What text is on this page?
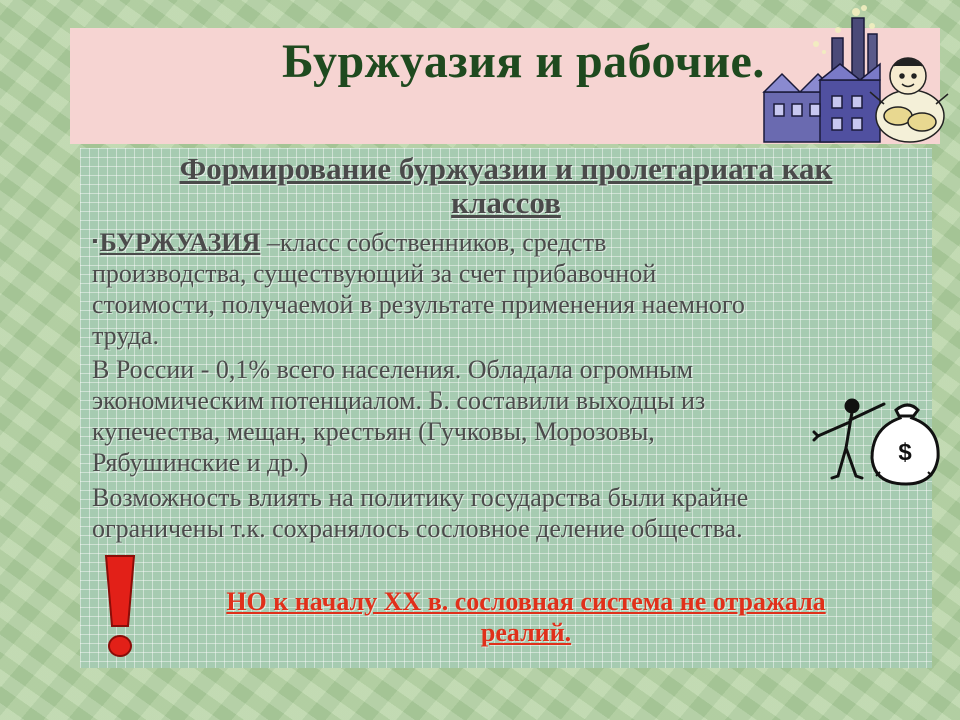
Буржуазия и рабочие.
Формирование буржуазии и пролетариата как
классов

▪БУРЖУАЗИЯ –класс собственников, средств
производства, существующий за счет прибавочной
стоимости, получаемой в результате применения наемного
труда.

В России - 0,1% всего населения. Обладала огромным
экономическим потенциалом. Б. составили выходцы из
купечества, мещан, крестьян (Гучковы, Морозовы,
Рябушинские и др.)

Возможность влиять на политику государства были крайне
ограничены т.к. сохранялось сословное деление общества.

НО к началу XX в. сословная система не отражала
реалий.

$
